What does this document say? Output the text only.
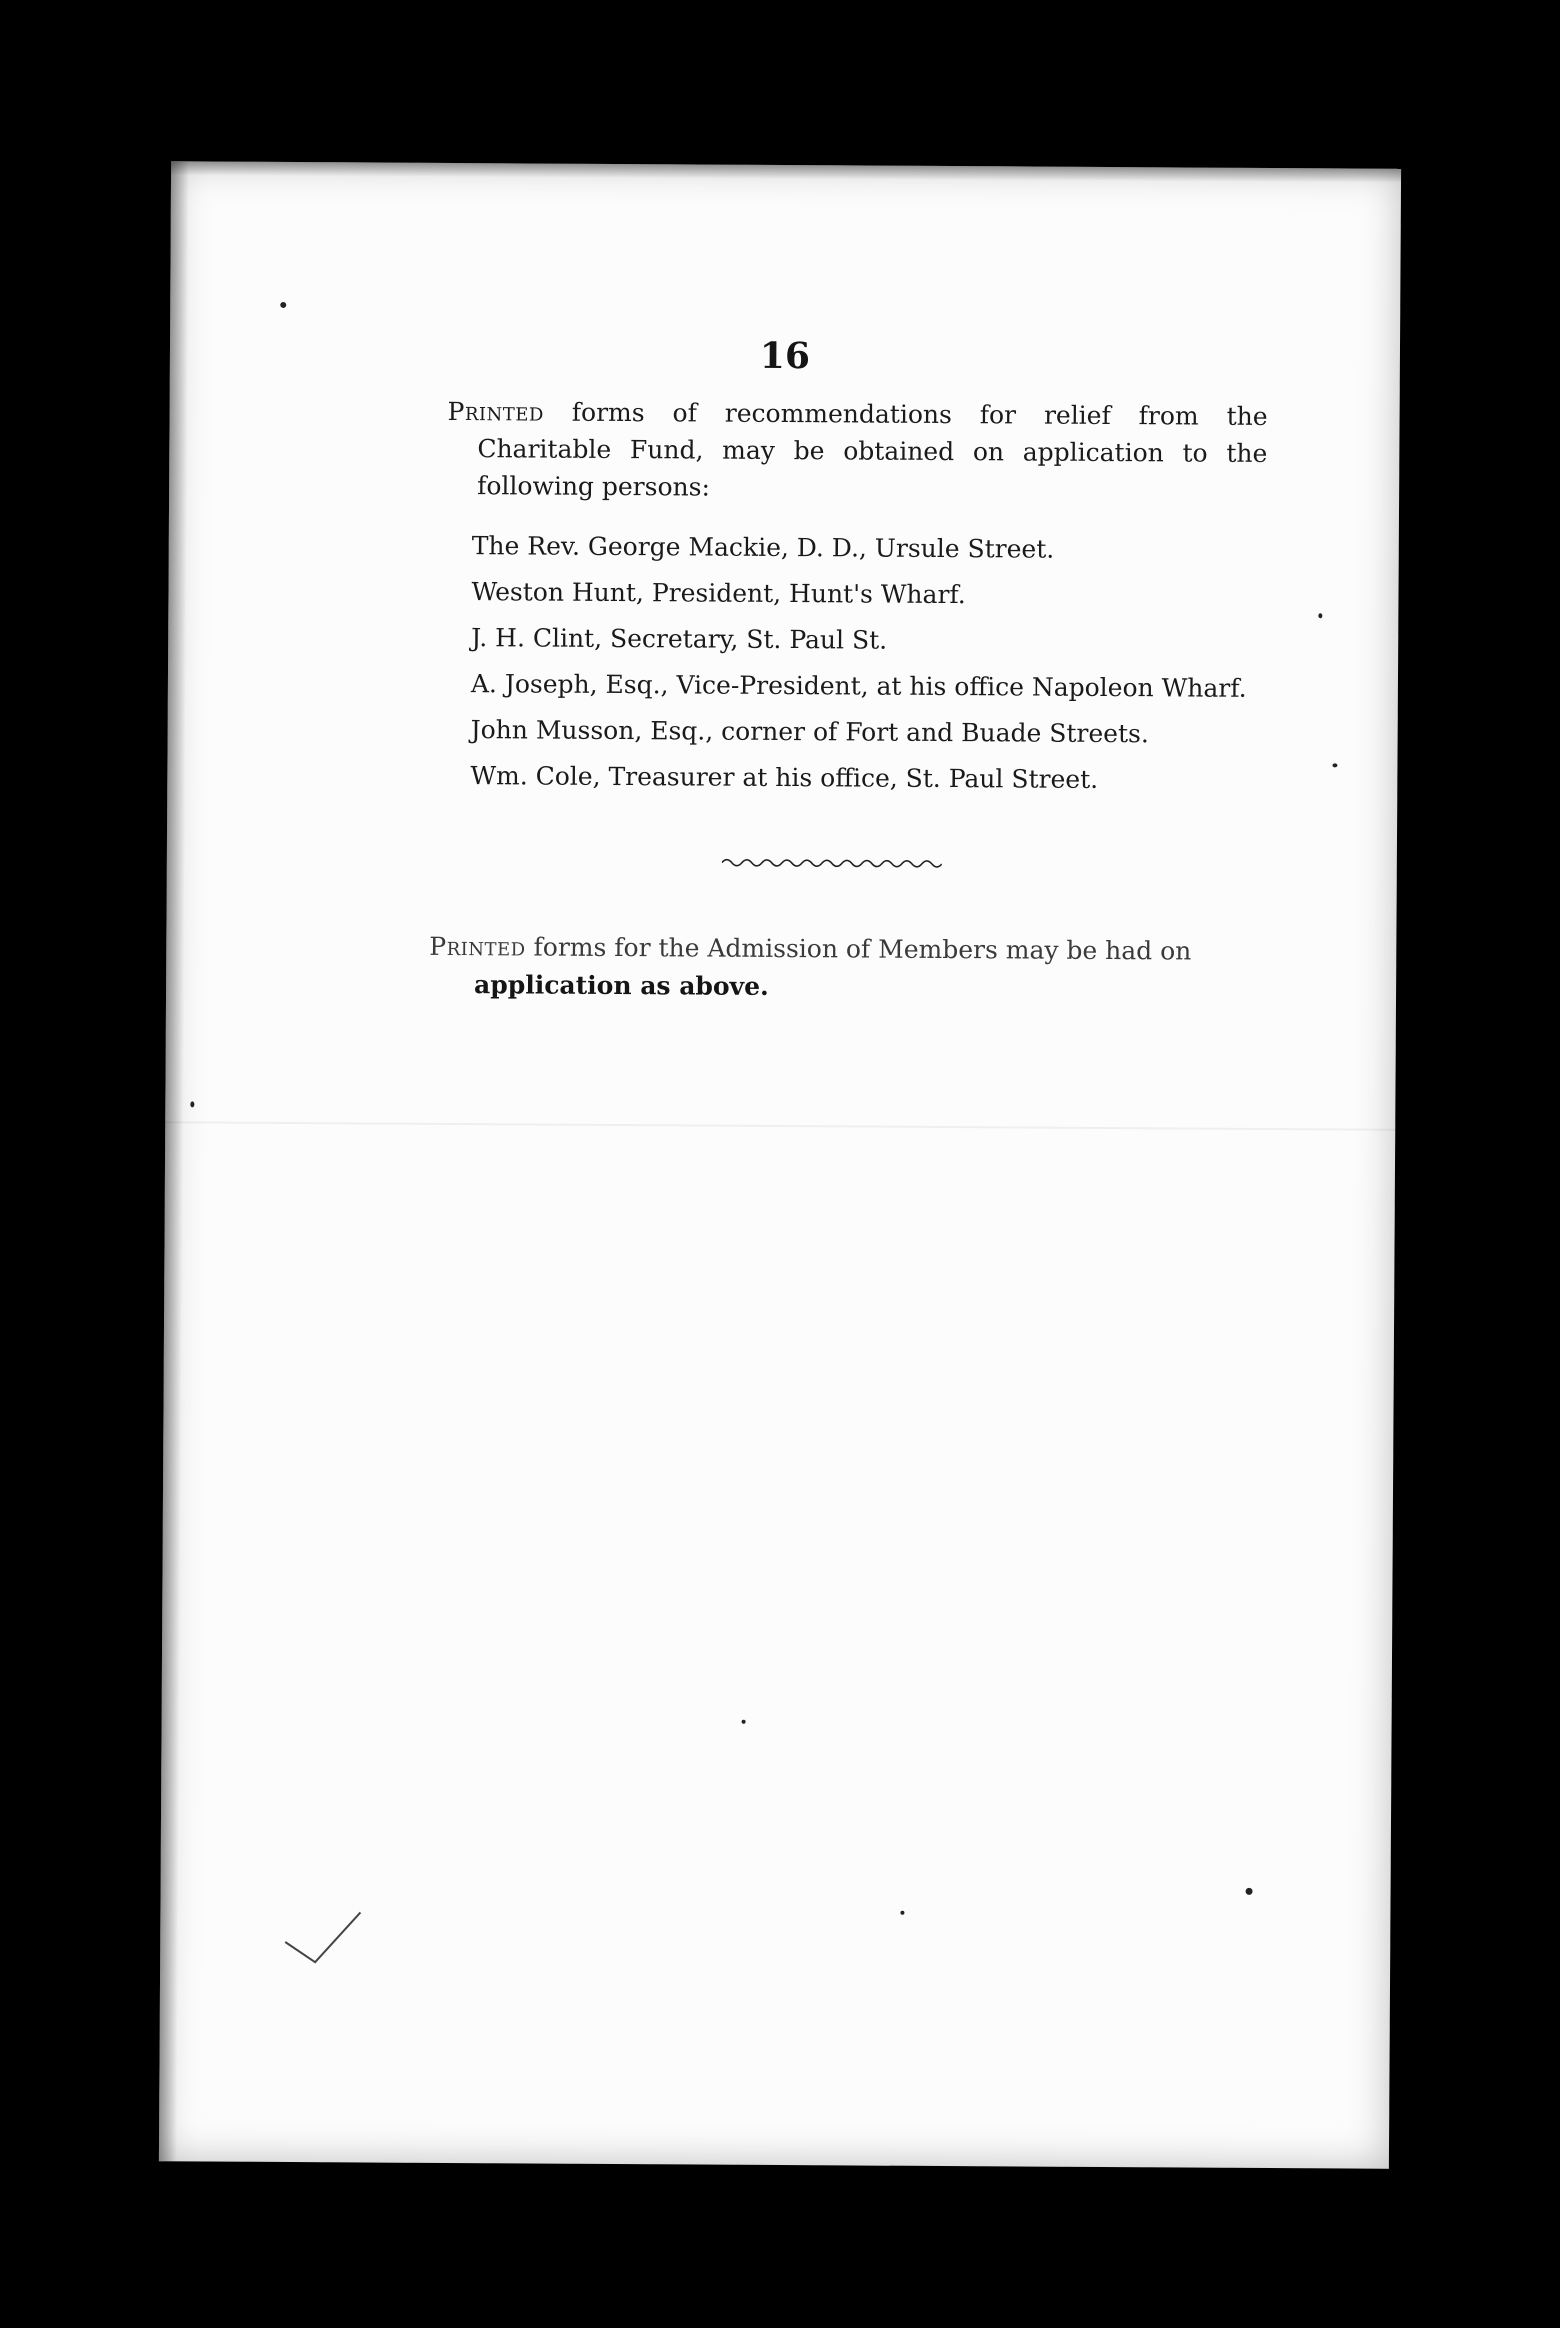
16

Printed forms of recommendations for relief from the Charitable Fund, may be obtained on application to the following persons:

The Rev. George Mackie, D. D., Ursule Street.
Weston Hunt, President, Hunt's Wharf.
J. H. Clint, Secretary, St. Paul St.
A. Joseph, Esq., Vice-President, at his office Napoleon Wharf.
John Musson, Esq., corner of Fort and Buade Streets.
Wm. Cole, Treasurer at his office, St. Paul Street.

Printed forms for the Admission of Members may be had on
application as above.
